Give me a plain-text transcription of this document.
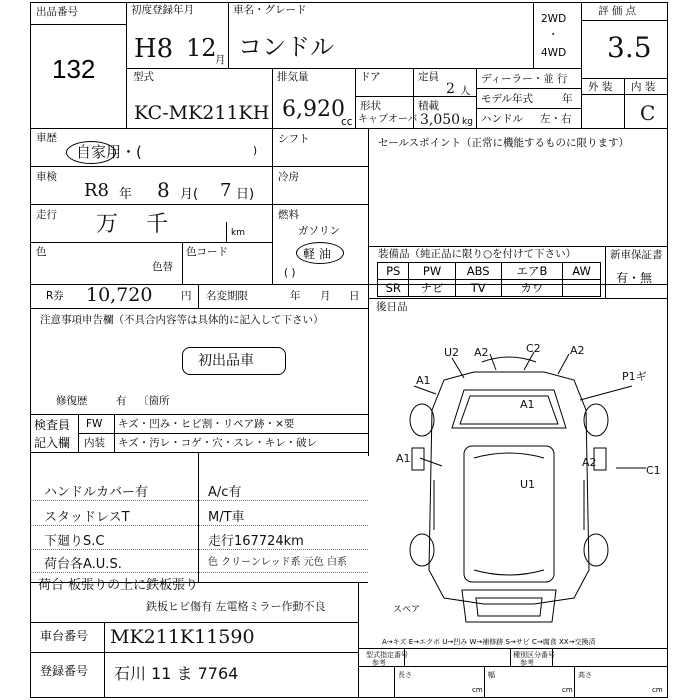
出品番号
132
初度登録年月
H8 12
月
車名・グレード
コンドル
2WD
・
4WD
評 価 点
3.5
型式
KC-MK211KH
排気量
6,920
cc
ドア	定員
2 人
形状
キャブオーバ
積載
3,050 kg
ディーラー・並 行
モデル年式	年
ハンドル 左・右
外 装 内 装
C
車歴
自家用・(	)
車検
R8 年 8 月( 7 日)
走行 万 千	km
色
色替
色コード
シフト
冷房
燃料
ガソリン
軽 油
( )
セールスポイント（正常に機能するものに限ります）
装備品（純正品に限り○を付けて下さい）
PS	PW	ABS	エアB	AW
SR	ナビ	TV	カワ	
新車保証書
有・無
R券 10,720	円 名変期限	年 月 日
後日品
注意事項申告欄（不具合内容等は具体的に記入して下さい）
初出品車
修復歴	有 〔箇所
検査員
記入欄
FW キズ・凹み・ヒビ割・リペア跡・×要
内装 キズ・汚レ・コゲ・穴・スレ・キレ・破レ
ハンドルカバー有	A/c有
スタッドレスT	M/T車
下廻りS.C	走行167724km
荷台各A.U.S.	色 クリーンレッド系 元色 白系
荷台 板張りの上に鉄板張り
鉄板ヒビ傷有 左電格ミラー作動不良
U2 A2	C2	A2
P1ギ
A1
A1
A1	A2
C1
U1
スペア
車台番号 MK211K11590
登録番号 石川 11 ま 7764
A→キズ E→エクボ U→凹み W→補修跡 S→サビ C→腐食 XX→交換済
型式指定番号
参考
種別区分番号
参考
長さ	幅	高さ
cm	cm	cm
